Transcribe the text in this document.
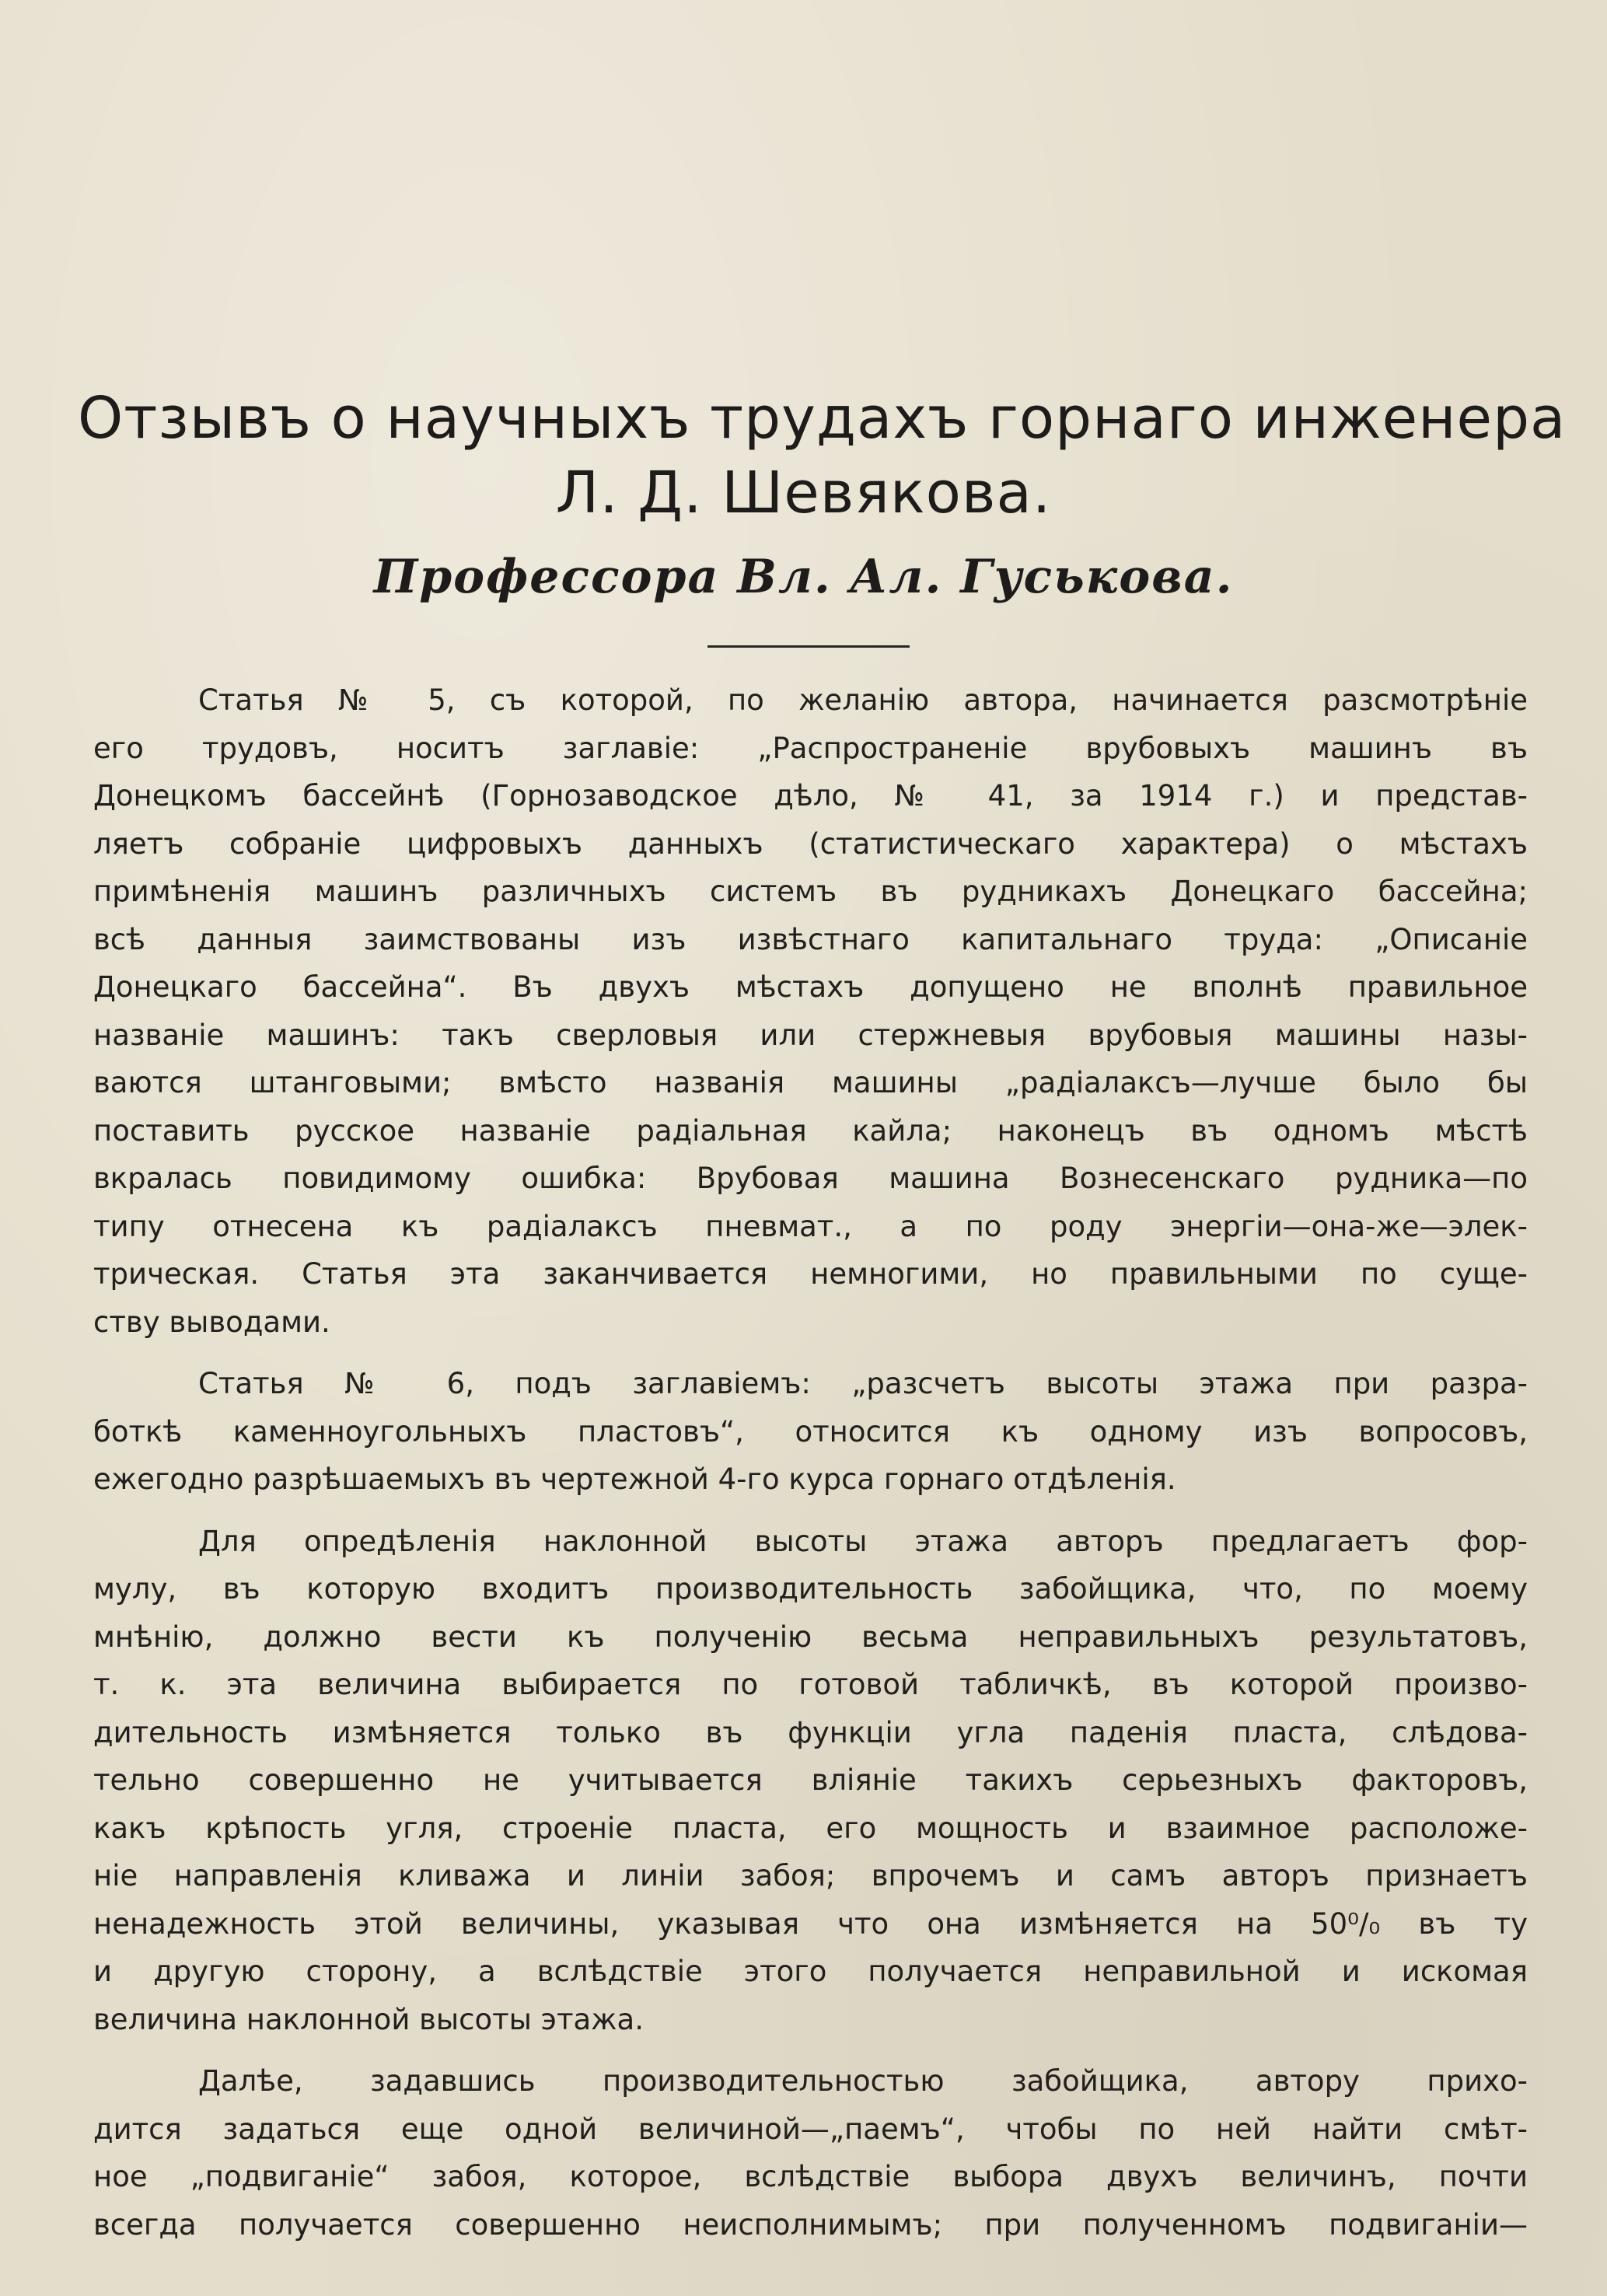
Отзывъ о научныхъ трудахъ горнаго инженера
Л. Д. Шевякова.
Профессора Вл. Ал. Гуськова.
Статья № 5, съ которой, по желанію автора, начинается разсмотрѣніе
его трудовъ, носитъ заглавіе: „Распространеніе врубовыхъ машинъ въ
Донецкомъ бассейнѣ (Горнозаводское дѣло, № 41, за 1914 г.) и представ-
ляетъ собраніе цифровыхъ данныхъ (статистическаго характера) о мѣстахъ
примѣненія машинъ различныхъ системъ въ рудникахъ Донецкаго бассейна;
всѣ данныя заимствованы изъ извѣстнаго капитальнаго труда: „Описаніе
Донецкаго бассейна“. Въ двухъ мѣстахъ допущено не вполнѣ правильное
названіе машинъ: такъ сверловыя или стержневыя врубовыя машины назы-
ваются штанговыми; вмѣсто названія машины „радіалаксъ—лучше было бы
поставить русское названіе радіальная кайла; наконецъ въ одномъ мѣстѣ
вкралась повидимому ошибка: Врубовая машина Вознесенскаго рудника—по
типу отнесена къ радіалаксъ пневмат., а по роду энергіи—она-же—элек-
трическая. Статья эта заканчивается немногими, но правильными по суще-
ству выводами.
Статья № 6, подъ заглавіемъ: „разсчетъ высоты этажа при разра-
боткѣ каменноугольныхъ пластовъ“, относится къ одному изъ вопросовъ,
ежегодно разрѣшаемыхъ въ чертежной 4-го курса горнаго отдѣленія.
Для опредѣленія наклонной высоты этажа авторъ предлагаетъ фор-
мулу, въ которую входитъ производительность забойщика, что, по моему
мнѣнію, должно вести къ полученію весьма неправильныхъ результатовъ,
т. к. эта величина выбирается по готовой табличкѣ, въ которой произво-
дительность измѣняется только въ функціи угла паденія пласта, слѣдова-
тельно совершенно не учитывается вліяніе такихъ серьезныхъ факторовъ,
какъ крѣпость угля, строеніе пласта, его мощность и взаимное расположе-
ніе направленія кливажа и линіи забоя; впрочемъ и самъ авторъ признаетъ
ненадежность этой величины, указывая что она измѣняется на 50⁰/₀ въ ту
и другую сторону, а вслѣдствіе этого получается неправильной и искомая
величина наклонной высоты этажа.
Далѣе, задавшись производительностью забойщика, автору прихо-
дится задаться еще одной величиной—„паемъ“, чтобы по ней найти смѣт-
ное „подвиганіе“ забоя, которое, вслѣдствіе выбора двухъ величинъ, почти
всегда получается совершенно неисполнимымъ; при полученномъ подвиганіи—
